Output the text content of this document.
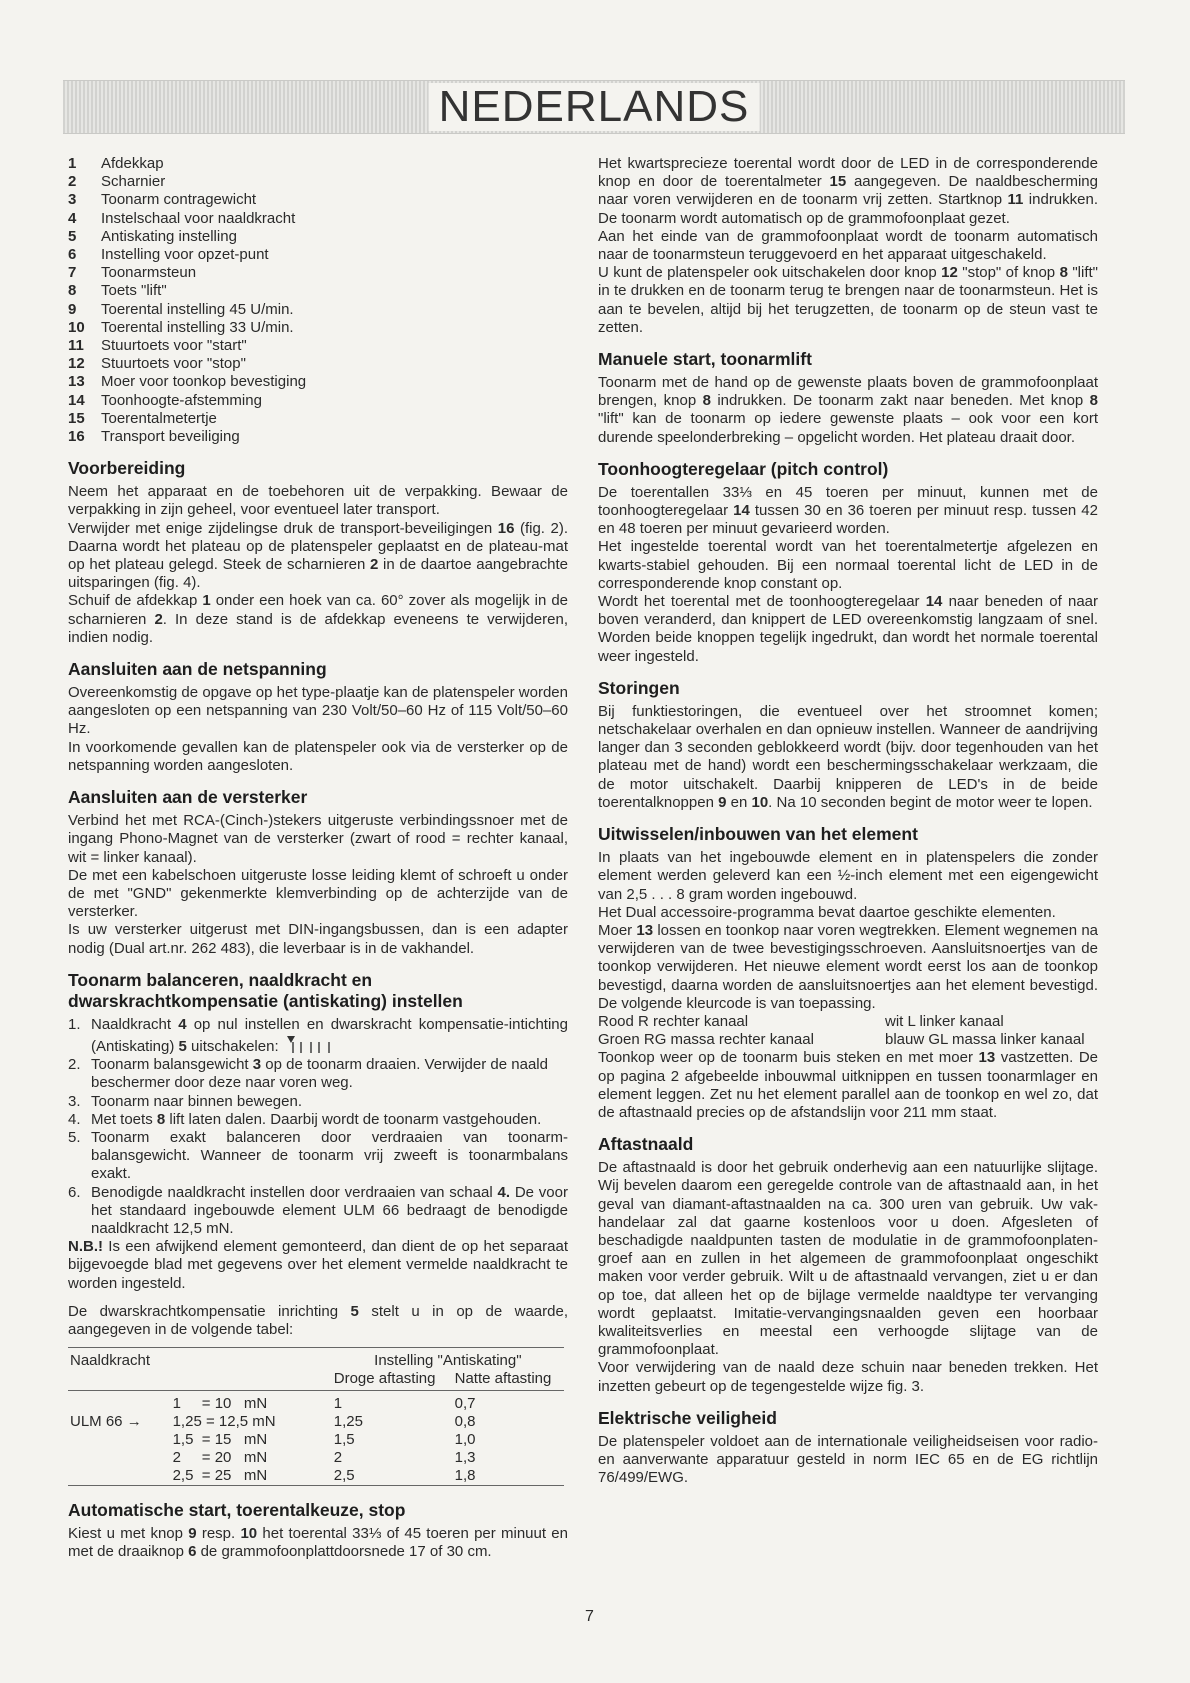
NEDERLANDS
1	Afdekkap
2	Scharnier
3	Toonarm contragewicht
4	Instelschaal voor naaldkracht
5	Antiskating instelling
6	Instelling voor opzet-punt
7	Toonarmsteun
8	Toets "lift"
9	Toerental instelling 45 U/min.
10	Toerental instelling 33 U/min.
11	Stuurtoets voor "start"
12	Stuurtoets voor "stop"
13	Moer voor toonkop bevestiging
14	Toonhoogte-afstemming
15	Toerentalmetertje
16	Transport beveiliging
Voorbereiding

Neem het apparaat en de toebehoren uit de verpakking. Bewaar de verpakking in zijn geheel, voor eventueel later transport.

Verwijder met enige zijdelingse druk de transport-beveiligingen 16 (fig. 2). Daarna wordt het plateau op de platenspeler geplaatst en de plateau-mat op het plateau gelegd. Steek de scharnieren 2 in de daartoe aangebrachte uitsparingen (fig. 4).

Schuif de afdekkap 1 onder een hoek van ca. 60° zover als mogelijk in de scharnieren 2. In deze stand is de afdekkap eveneens te verwijderen, indien nodig.

Aansluiten aan de netspanning

Overeenkomstig de opgave op het type-plaatje kan de platenspeler worden aangesloten op een netspanning van 230 Volt/50–60 Hz of 115 Volt/50–60 Hz.

In voorkomende gevallen kan de platenspeler ook via de versterker op de netspanning worden aangesloten.

Aansluiten aan de versterker

Verbind het met RCA-(Cinch-)stekers uitgeruste verbindingssnoer met de ingang Phono-Magnet van de versterker (zwart of rood = rechter kanaal, wit = linker kanaal).

De met een kabelschoen uitgeruste losse leiding klemt of schroeft u onder de met "GND" gekenmerkte klemverbinding op de achterzijde van de versterker.

Is uw versterker uitgerust met DIN-ingangsbussen, dan is een adapter nodig (Dual art.nr. 262 483), die leverbaar is in de vakhandel.

Toonarm balanceren, naaldkracht en dwarskrachtkompensatie (antiskating) instellen
1. Naaldkracht 4 op nul instellen en dwarskracht kompensatie-intichting (Antiskating) 5 uitschakelen:
2. Toonarm balansgewicht 3 op de toonarm draaien. Verwijder de naald beschermer door deze naar voren weg.
3. Toonarm naar binnen bewegen.
4. Met toets 8 lift laten dalen. Daarbij wordt de toonarm vastgehouden.
5. Toonarm exakt balanceren door verdraaien van toonarm-balansgewicht. Wanneer de toonarm vrij zweeft is toonarmbalans exakt.
6. Benodigde naaldkracht instellen door verdraaien van schaal 4. De voor het standaard ingebouwde element ULM 66 bedraagt de benodigde naaldkracht 12,5 mN.

N.B.! Is een afwijkend element gemonteerd, dan dient de op het separaat bijgevoegde blad met gegevens over het element vermelde naaldkracht te worden ingesteld.

De dwarskrachtkompensatie inrichting 5 stelt u in op de waarde, aangegeven in de volgende tabel:

Naaldkracht		Instelling "Antiskating"	
		Droge aftasting	Natte aftasting
	1     = 10   mN	1	0,7
ULM 66 →	1,25 = 12,5 mN	1,25	0,8
	1,5  = 15   mN	1,5	1,0
	2     = 20   mN	2	1,3
	2,5  = 25   mN	2,5	1,8

Automatische start, toerentalkeuze, stop

Kiest u met knop 9 resp. 10 het toerental 33⅓ of 45 toeren per minuut en met de draaiknop 6 de grammofoonplattdoorsnede 17 of 30 cm.

Het kwartsprecieze toerental wordt door de LED in de corresponderende knop en door de toerentalmeter 15 aangegeven. De naaldbescherming naar voren verwijderen en de toonarm vrij zetten. Startknop 11 indrukken. De toonarm wordt automatisch op de grammofoonplaat gezet.

Aan het einde van de grammofoonplaat wordt de toonarm automatisch naar de toonarmsteun teruggevoerd en het apparaat uitgeschakeld.

U kunt de platenspeler ook uitschakelen door knop 12 "stop" of knop 8 "lift" in te drukken en de toonarm terug te brengen naar de toonarmsteun. Het is aan te bevelen, altijd bij het terugzetten, de toonarm op de steun vast te zetten.

Manuele start, toonarmlift

Toonarm met de hand op de gewenste plaats boven de grammofoonplaat brengen, knop 8 indrukken. De toonarm zakt naar beneden. Met knop 8 "lift" kan de toonarm op iedere gewenste plaats – ook voor een kort durende speelonderbreking – opgelicht worden. Het plateau draait door.

Toonhoogteregelaar (pitch control)

De toerentallen 33⅓ en 45 toeren per minuut, kunnen met de toonhoogteregelaar 14 tussen 30 en 36 toeren per minuut resp. tussen 42 en 48 toeren per minuut gevarieerd worden.

Het ingestelde toerental wordt van het toerentalmetertje afgelezen en kwarts-stabiel gehouden. Bij een normaal toerental licht de LED in de corresponderende knop constant op.

Wordt het toerental met de toonhoogteregelaar 14 naar beneden of naar boven veranderd, dan knippert de LED overeenkomstig langzaam of snel. Worden beide knoppen tegelijk ingedrukt, dan wordt het normale toerental weer ingesteld.

Storingen

Bij funktiestoringen, die eventueel over het stroomnet komen; netschakelaar overhalen en dan opnieuw instellen. Wanneer de aandrijving langer dan 3 seconden geblokkeerd wordt (bijv. door tegenhouden van het plateau met de hand) wordt een beschermingsschakelaar werkzaam, die de motor uitschakelt. Daarbij knipperen de LED's in de beide toerentalknoppen 9 en 10. Na 10 seconden begint de motor weer te lopen.

Uitwisselen/inbouwen van het element

In plaats van het ingebouwde element en in platenspelers die zonder element werden geleverd kan een ½-inch element met een eigengewicht van 2,5 . . . 8 gram worden ingebouwd.

Het Dual accessoire-programma bevat daartoe geschikte elementen.

Moer 13 lossen en toonkop naar voren wegtrekken. Element wegnemen na verwijderen van de twee bevestigingsschroeven. Aansluitsnoertjes van de toonkop verwijderen. Het nieuwe element wordt eerst los aan de toonkop bevestigd, daarna worden de aansluitsnoertjes aan het element bevestigd. De volgende kleurcode is van toepassing.

Rood R rechter kanaal	wit L linker kanaal
Groen RG massa rechter kanaal	blauw GL massa linker kanaal

Toonkop weer op de toonarm buis steken en met moer 13 vastzetten. De op pagina 2 afgebeelde inbouwmal uitknippen en tussen toonarmlager en element leggen. Zet nu het element parallel aan de toonkop en wel zo, dat de aftastnaald precies op de afstandslijn voor 211 mm staat.

Aftastnaald

De aftastnaald is door het gebruik onderhevig aan een natuurlijke slijtage. Wij bevelen daarom een geregelde controle van de aftastnaald aan, in het geval van diamant-aftastnaalden na ca. 300 uren van gebruik. Uw vak-handelaar zal dat gaarne kostenloos voor u doen. Afgesleten of beschadigde naaldpunten tasten de modulatie in de grammofoonplaten-groef aan en zullen in het algemeen de grammofoonplaat ongeschikt maken voor verder gebruik. Wilt u de aftastnaald vervangen, ziet u er dan op toe, dat alleen het op de bijlage vermelde naaldtype ter vervanging wordt geplaatst. Imitatie-vervangingsnaalden geven een hoorbaar kwaliteitsverlies en meestal een verhoogde slijtage van de grammofoonplaat.

Voor verwijdering van de naald deze schuin naar beneden trekken. Het inzetten gebeurt op de tegengestelde wijze fig. 3.

Elektrische veiligheid

De platenspeler voldoet aan de internationale veiligheidseisen voor radio- en aanverwante apparatuur gesteld in norm IEC 65 en de EG richtlijn 76/499/EWG.

7
